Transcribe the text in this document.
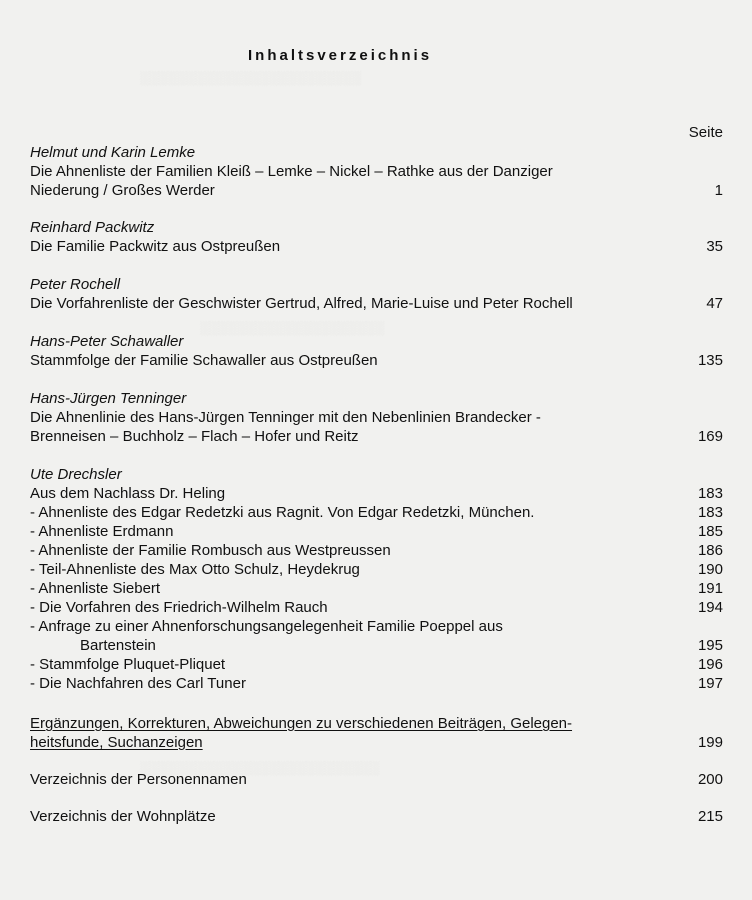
░░░░░░░░░░░░░░░░░░░░░░░░
░░░░░░░░░░░░░░░░░░░░
░░░░░░░░░░░░░░░░░░░░░░░░░░
Inhaltsverzeichnis
Seite
Helmut und Karin Lemke
Die Ahnenliste der Familien Kleiß – Lemke – Nickel – Rathke aus der Danziger
Niederung / Großes Werder	1
Reinhard Packwitz
Die Familie Packwitz aus Ostpreußen	35
Peter Rochell
Die Vorfahrenliste der Geschwister Gertrud, Alfred, Marie-Luise und Peter Rochell	47
Hans-Peter Schawaller
Stammfolge der Familie Schawaller aus Ostpreußen	135
Hans-Jürgen Tenninger
Die Ahnenlinie des Hans-Jürgen Tenninger mit den Nebenlinien Brandecker -
Brenneisen – Buchholz – Flach – Hofer und Reitz	169
Ute Drechsler
Aus dem Nachlass Dr. Heling	183
- Ahnenliste des Edgar Redetzki aus Ragnit. Von Edgar Redetzki, München.	183
- Ahnenliste Erdmann	185
- Ahnenliste der Familie Rombusch aus Westpreussen	186
- Teil-Ahnenliste des Max Otto Schulz, Heydekrug	190
- Ahnenliste Siebert	191
- Die Vorfahren des Friedrich-Wilhelm Rauch	194
- Anfrage zu einer Ahnenforschungsangelegenheit Familie Poeppel aus
Bartenstein	195
- Stammfolge Pluquet-Pliquet	196
- Die Nachfahren des Carl Tuner	197
Ergänzungen, Korrekturen, Abweichungen zu verschiedenen Beiträgen, Gelegen-
heitsfunde, Suchanzeigen	199
Verzeichnis der Personennamen	200
Verzeichnis der Wohnplätze	215
